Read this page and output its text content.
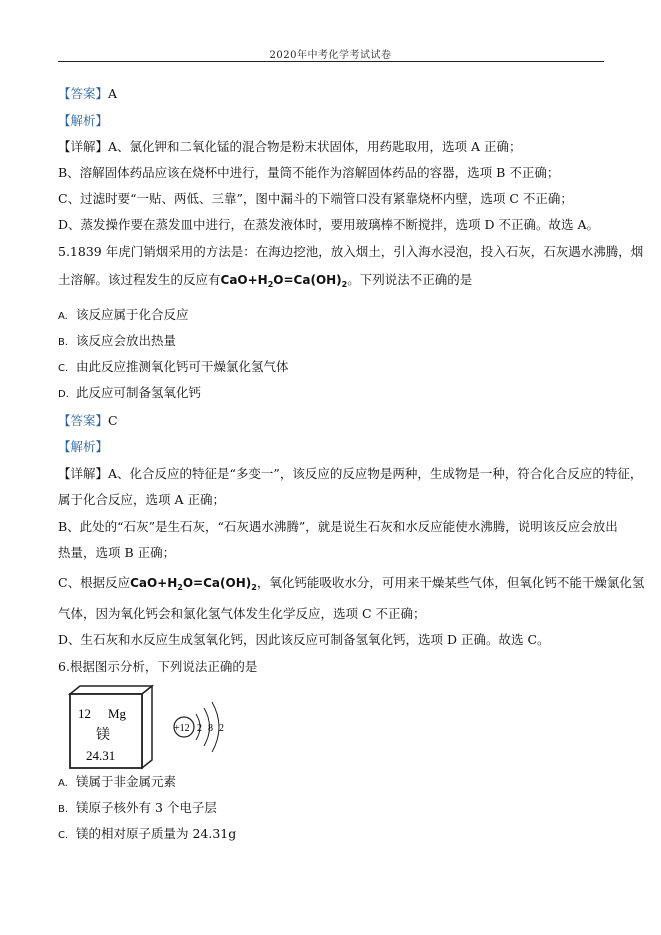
2020年中考化学考试试卷
【答案】A
【解析】
【详解】A、氯化钾和二氧化锰的混合物是粉末状固体，用药匙取用，选项 A 正确；
B、溶解固体药品应该在烧杯中进行，量筒不能作为溶解固体药品的容器，选项 B 不正确；
C、过滤时要“一贴、两低、三靠”，图中漏斗的下端管口没有紧靠烧杯内壁，选项 C 不正确；
D、蒸发操作要在蒸发皿中进行，在蒸发液体时，要用玻璃棒不断搅拌，选项 D 不正确。故选 A。
5.1839 年虎门销烟采用的方法是：在海边挖池，放入烟土，引入海水浸泡，投入石灰，石灰遇水沸腾，烟
土溶解。该过程发生的反应有$CaO+H_2O=Ca(OH)_2$。下列说法不正确的是
A. 该反应属于化合反应
B. 该反应会放出热量
C. 由此反应推测氧化钙可干燥氯化氢气体
D. 此反应可制备氢氧化钙
【答案】C
【解析】
【详解】A、化合反应的特征是“多变一”，该反应的反应物是两种，生成物是一种，符合化合反应的特征，
属于化合反应，选项 A 正确；
B、此处的“石灰”是生石灰，“石灰遇水沸腾”，就是说生石灰和水反应能使水沸腾，说明该反应会放出
热量，选项 B 正确；
C、根据反应$CaO+H_2O=Ca(OH)_2$，氧化钙能吸收水分，可用来干燥某些气体，但氧化钙不能干燥氯化氢
气体，因为氧化钙会和氯化氢气体发生化学反应，选项 C 不正确；
D、生石灰和水反应生成氢氧化钙，因此该反应可制备氢氧化钙，选项 D 正确。故选 C。
6.根据图示分析，下列说法正确的是
12 Mg
镁
24.31
+12 2 8 2
A. 镁属于非金属元素
B. 镁原子核外有 3 个电子层
C. 镁的相对原子质量为 24.31g
